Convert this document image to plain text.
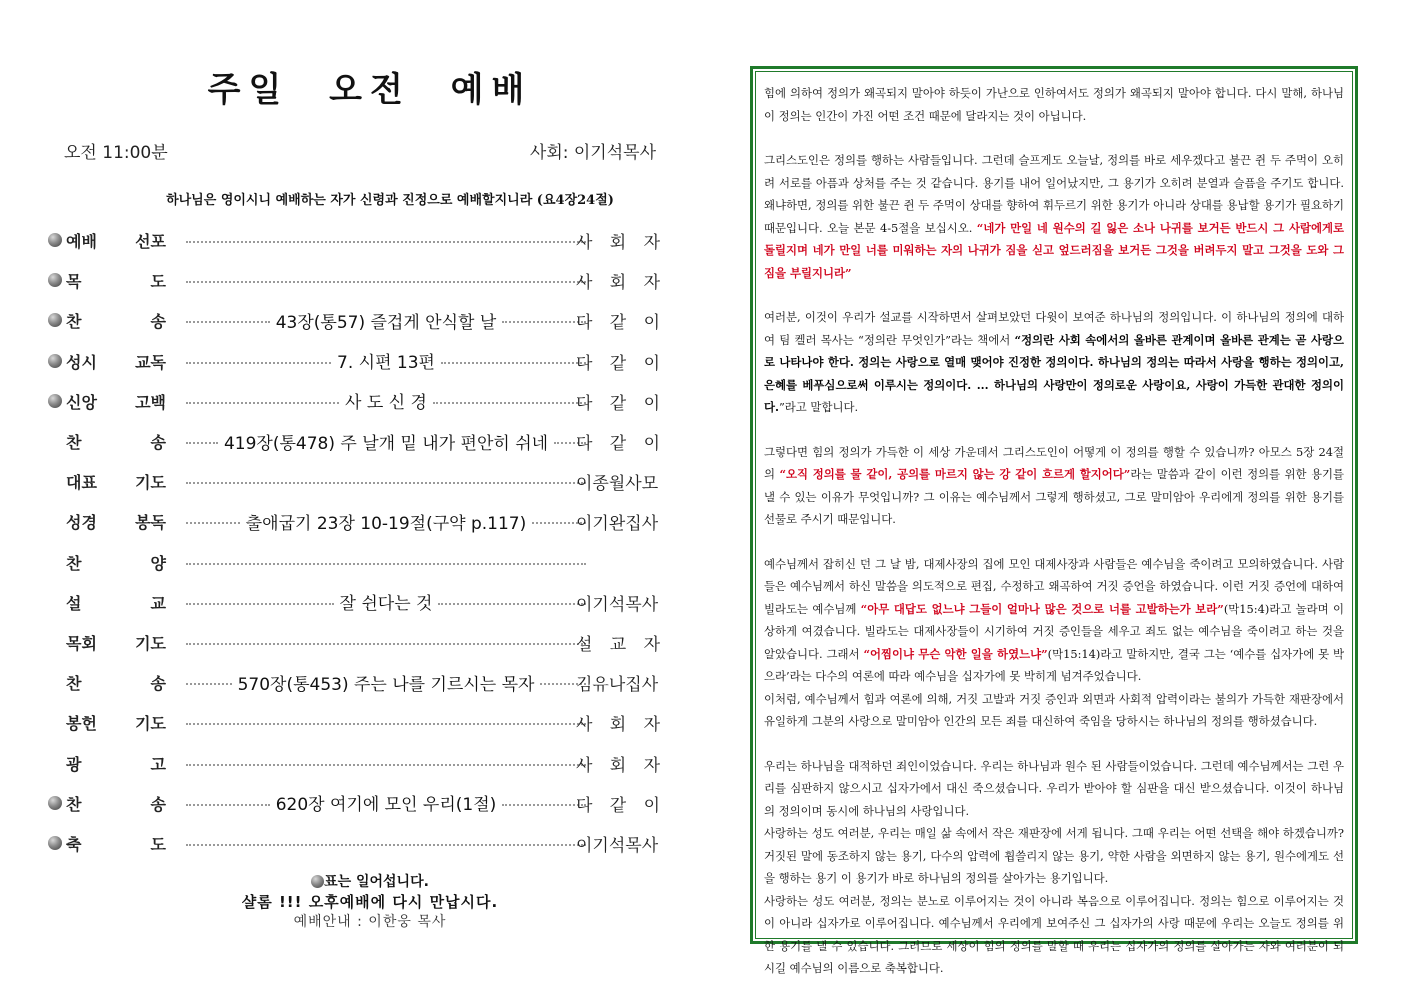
주일 오전 예배
오전 11:00분	사회: 이기석목사
하나님은 영이시니 예배하는 자가 신령과 진정으로 예배할지니라 (요4장24절)
예배 선포	사 회 자
목	도	사 회 자
찬	송	43장(통57) 즐겁게 안식할 날	다 같 이
성시 교독	7. 시편 13편	다 같 이
신앙 고백	사 도 신 경	다 같 이
찬	송	419장(통478) 주 날개 밑 내가 편안히 쉬네	다 같 이
대표 기도	이종월사모
성경 봉독	출애굽기 23장 10-19절(구약 p.117)	이기완집사
찬	양
설	교	잘 쉰다는 것	이기석목사
목회 기도	설 교 자
찬	송	570장(통453) 주는 나를 기르시는 목자	김유나집사
봉헌 기도	사 회 자
광	고	사 회 자
찬	송	620장 여기에 모인 우리(1절)	다 같 이
축	도	이기석목사
표는 일어섭니다.
샬롬 !!! 오후예배에 다시 만납시다.
예배안내 : 이한웅 목사

힘에 의하여 정의가 왜곡되지 말아야 하듯이 가난으로 인하여서도 정의가 왜곡되지 말아야 합니다. 다시 말해, 하나님이 정의는 인간이 가진 어떤 조건 때문에 달라지는 것이 아닙니다.

그리스도인은 정의를 행하는 사람들입니다. 그런데 슬프게도 오늘날, 정의를 바로 세우겠다고 불끈 쥔 두 주먹이 오히려 서로를 아픔과 상처를 주는 것 같습니다. 용기를 내어 일어났지만, 그 용기가 오히려 분열과 슬픔을 주기도 합니다. 왜냐하면, 정의를 위한 불끈 쥔 두 주먹이 상대를 향하여 휘두르기 위한 용기가 아니라 상대를 용납할 용기가 필요하기 때문입니다. 오늘 본문 4-5절을 보십시오. “네가 만일 네 원수의 길 잃은 소나 나귀를 보거든 반드시 그 사람에게로 돌릴지며 네가 만일 너를 미워하는 자의 나귀가 짐을 싣고 엎드러짐을 보거든 그것을 버려두지 말고 그것을 도와 그 짐을 부릴지니라”

여러분, 이것이 우리가 설교를 시작하면서 살펴보았던 다윗이 보여준 하나님의 정의입니다. 이 하나님의 정의에 대하여 팀 켈러 목사는 “정의란 무엇인가”라는 책에서 “정의란 사회 속에서의 올바른 관계이며 올바른 관계는 곧 사랑으로 나타나야 한다. 정의는 사랑으로 열매 맺어야 진정한 정의이다. 하나님의 정의는 따라서 사랑을 행하는 정의이고, 은혜를 베푸심으로써 이루시는 정의이다. ... 하나님의 사랑만이 정의로운 사랑이요, 사랑이 가득한 관대한 정의이다.”라고 말합니다.

그렇다면 힘의 정의가 가득한 이 세상 가운데서 그리스도인이 어떻게 이 정의를 행할 수 있습니까? 아모스 5장 24절의 “오직 정의를 물 같이, 공의를 마르지 않는 강 같이 흐르게 할지어다”라는 말씀과 같이 이런 정의를 위한 용기를 낼 수 있는 이유가 무엇입니까? 그 이유는 예수님께서 그렇게 행하셨고, 그로 말미암아 우리에게 정의를 위한 용기를 선물로 주시기 때문입니다.

예수님께서 잡히신 던 그 날 밤, 대제사장의 집에 모인 대제사장과 사람들은 예수님을 죽이려고 모의하였습니다. 사람들은 예수님께서 하신 말씀을 의도적으로 편집, 수정하고 왜곡하여 거짓 증언을 하였습니다. 이런 거짓 증언에 대하여 빌라도는 예수님께 “아무 대답도 없느냐 그들이 얼마나 많은 것으로 너를 고발하는가 보라”(막15:4)라고 놀라며 이상하게 여겼습니다. 빌라도는 대제사장들이 시기하여 거짓 증인들을 세우고 죄도 없는 예수님을 죽이려고 하는 것을 알았습니다. 그래서 “어찜이냐 무슨 악한 일을 하였느냐”(막15:14)라고 말하지만, 결국 그는 ‘예수를 십자가에 못 박으라’라는 다수의 여론에 따라 예수님을 십자가에 못 박히게 넘겨주었습니다.

이처럼, 예수님께서 힘과 여론에 의해, 거짓 고발과 거짓 증인과 외면과 사회적 압력이라는 불의가 가득한 재판장에서 유일하게 그분의 사랑으로 말미암아 인간의 모든 죄를 대신하여 죽임을 당하시는 하나님의 정의를 행하셨습니다.

우리는 하나님을 대적하던 죄인이었습니다. 우리는 하나님과 원수 된 사람들이었습니다. 그런데 예수님께서는 그런 우리를 심판하지 않으시고 십자가에서 대신 죽으셨습니다. 우리가 받아야 할 심판을 대신 받으셨습니다. 이것이 하나님의 정의이며 동시에 하나님의 사랑입니다.

사랑하는 성도 여러분, 우리는 매일 삶 속에서 작은 재판장에 서게 됩니다. 그때 우리는 어떤 선택을 해야 하겠습니까? 거짓된 말에 동조하지 않는 용기, 다수의 압력에 휩쓸리지 않는 용기, 약한 사람을 외면하지 않는 용기, 원수에게도 선을 행하는 용기 이 용기가 바로 하나님의 정의를 살아가는 용기입니다.

사랑하는 성도 여러분, 정의는 분노로 이루어지는 것이 아니라 복음으로 이루어집니다. 정의는 힘으로 이루어지는 것이 아니라 십자가로 이루어집니다. 예수님께서 우리에게 보여주신 그 십자가의 사랑 때문에 우리는 오늘도 정의를 위한 용기를 낼 수 있습니다. 그러므로 세상이 힘의 정의를 말할 때 우리는 십자가의 정의를 살아가는 자와 여러분이 되시길 예수님의 이름으로 축복합니다.
